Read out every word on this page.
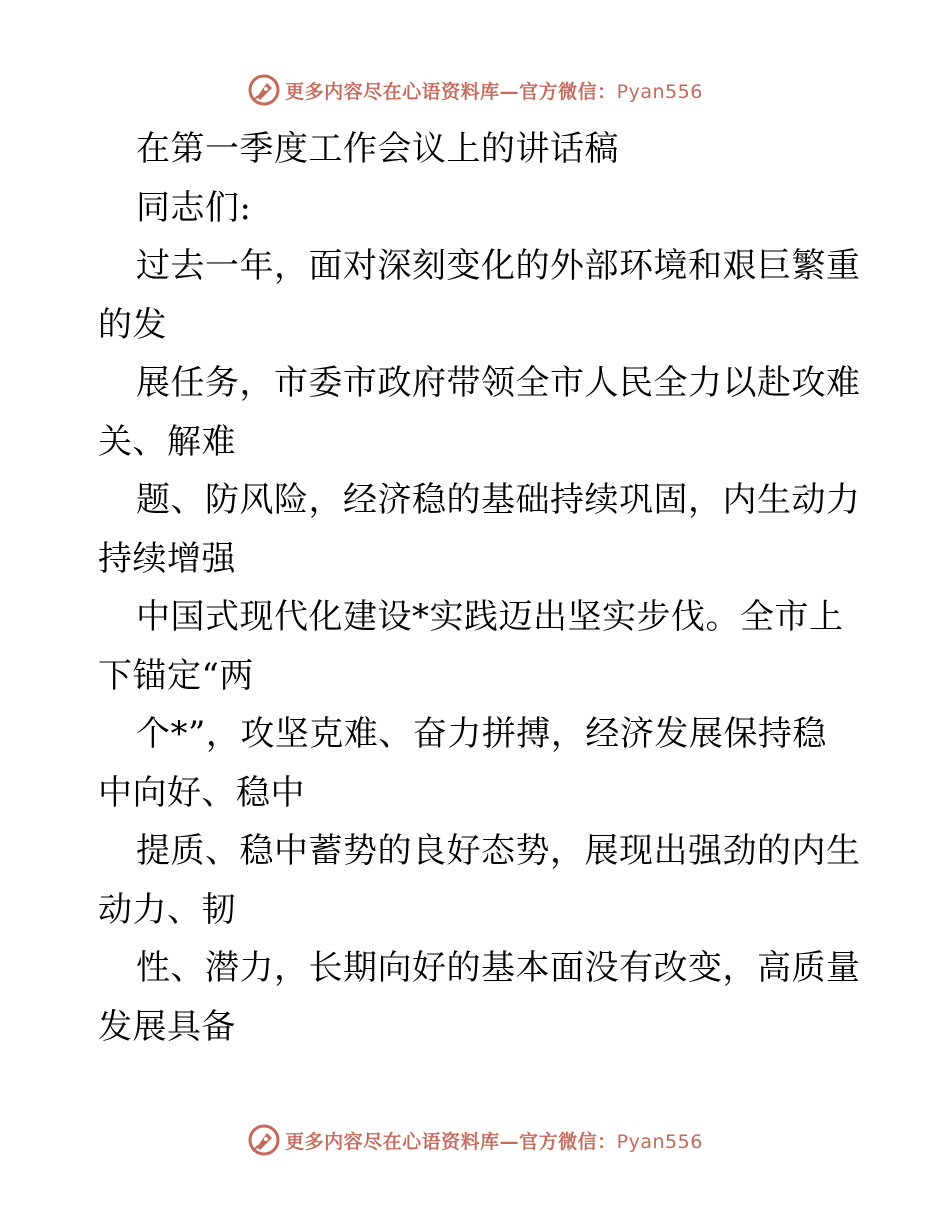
更多内容尽在心语资料库—官方微信：Pyan556
在第一季度工作会议上的讲话稿
同志们:
过去一年，面对深刻变化的外部环境和艰巨繁重
的发
展任务，市委市政府带领全市人民全力以赴攻难
关、解难
题、防风险，经济稳的基础持续巩固，内生动力
持续增强
中国式现代化建设*实践迈出坚实步伐。全市上
下锚定“两
个*”，攻坚克难、奋力拼搏，经济发展保持稳
中向好、稳中
提质、稳中蓄势的良好态势，展现出强劲的内生
动力、韧
性、潜力，长期向好的基本面没有改变，高质量
发展具备
更多内容尽在心语资料库—官方微信：Pyan556
